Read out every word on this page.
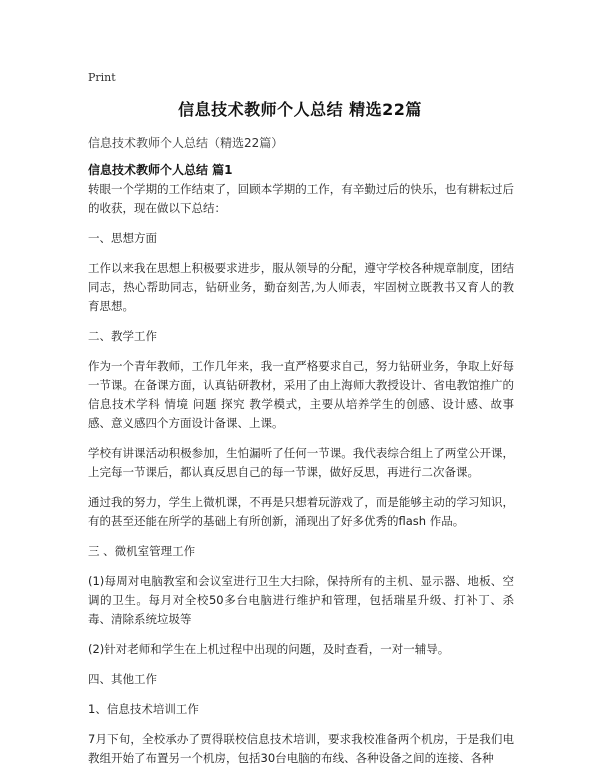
Print
信息技术教师个人总结 精选22篇
信息技术教师个人总结（精选22篇）
信息技术教师个人总结 篇1

转眼一个学期的工作结束了，回顾本学期的工作，有辛勤过后的快乐，也有耕耘过后的收获，现在做以下总结：

一、思想方面

工作以来我在思想上积极要求进步，服从领导的分配，遵守学校各种规章制度，团结同志，热心帮助同志，钻研业务，勤奋刻苦,为人师表，牢固树立既教书又育人的教育思想。

二、教学工作

作为一个青年教师，工作几年来，我一直严格要求自己，努力钻研业务，争取上好每一节课。在备课方面，认真钻研教材，采用了由上海师大教授设计、省电教馆推广的信息技术学科 情境 问题 探究 教学模式，主要从培养学生的创感、设计感、故事感、意义感四个方面设计备课、上课。

学校有讲课活动积极参加，生怕漏听了任何一节课。我代表综合组上了两堂公开课，上完每一节课后，都认真反思自己的每一节课，做好反思，再进行二次备课。

通过我的努力，学生上微机课，不再是只想着玩游戏了，而是能够主动的学习知识，有的甚至还能在所学的基础上有所创新，涌现出了好多优秀的flash 作品。

三 、微机室管理工作

(1)每周对电脑教室和会议室进行卫生大扫除，保持所有的主机、显示器、地板、空调的卫生。每月对全校50多台电脑进行维护和管理，包括瑞星升级、打补丁、杀毒、清除系统垃圾等

(2)针对老师和学生在上机过程中出现的问题，及时查看，一对一辅导。

四、其他工作

1、信息技术培训工作

7月下旬，全校承办了贾得联校信息技术培训，要求我校准备两个机房，于是我们电教组开始了布置另一个机房，包括30台电脑的布线、各种设备之间的连接、各种
